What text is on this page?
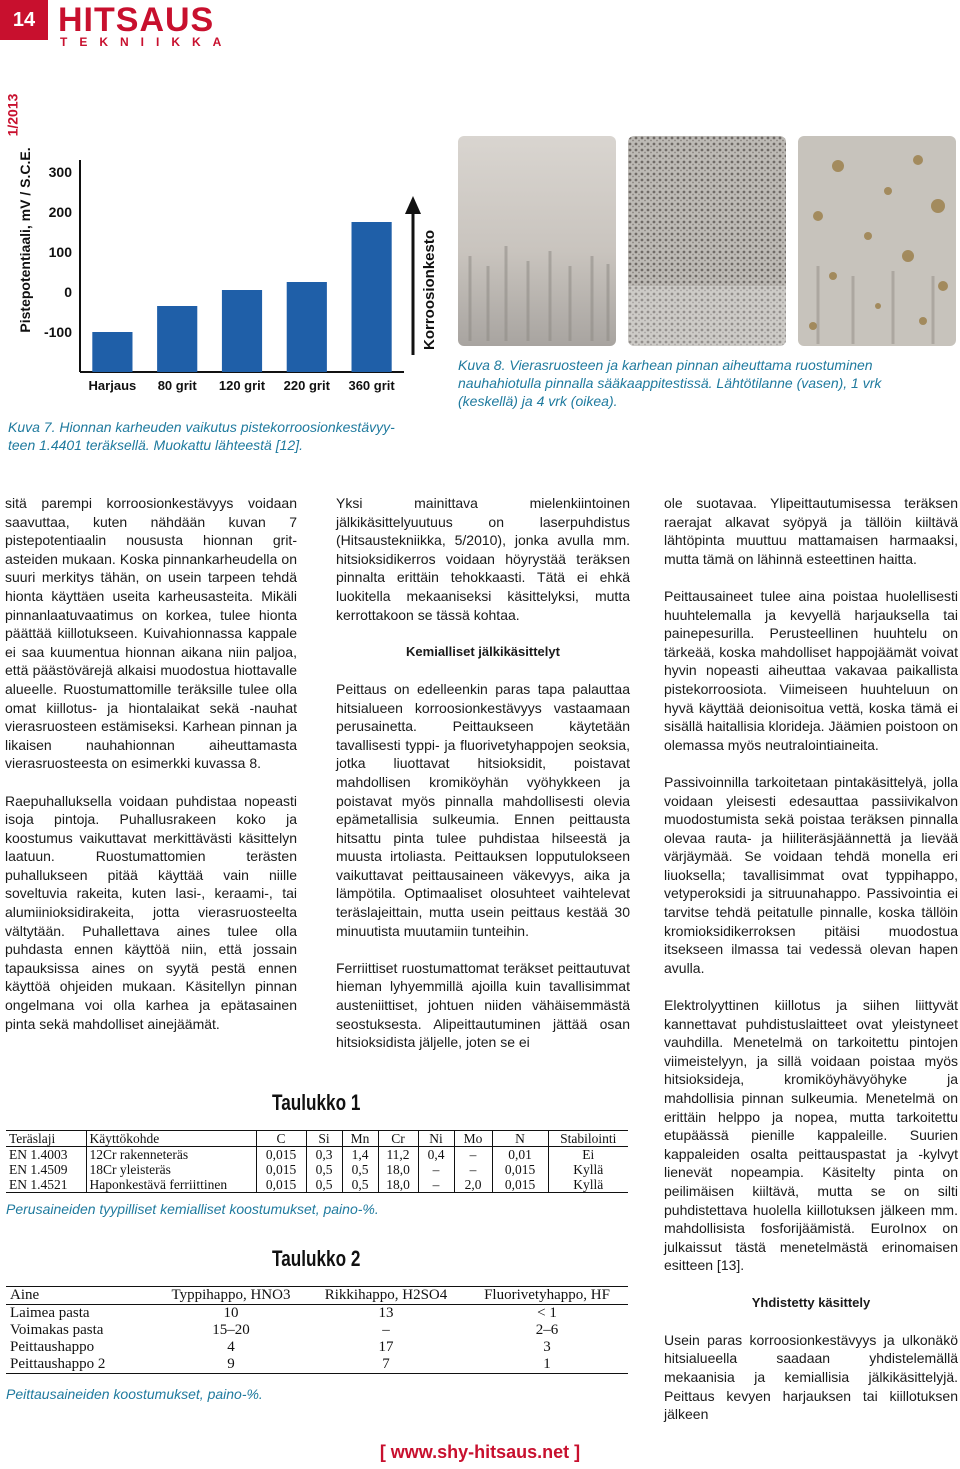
14 HITSAUS
TEKNIIKKA
1/2013
Pistepotentiaali, mV / S.C.E. -100
0
100
200
300
Harjaus 80 grit 120 grit 220 grit 360 grit
Korroosionkesto
Kuva 7. Hionnan karheuden vaikutus pistekorroosionkestävyy-
teen 1.4401 teräksellä. Muokattu lähteestä [12].
Kuva 8. Vierasruosteen ja karhean pinnan aiheuttama ruostuminen
nauhahiotulla pinnalla sääkaappitestissä. Lähtötilanne (vasen), 1 vrk
(keskellä) ja 4 vrk (oikea).

sitä parempi korroosionkestävyys voidaan saavuttaa, kuten nähdään kuvan 7 pistepotentiaalin noususta hionnan grit-asteiden mukaan. Koska pinnankarheudella on suuri merkitys tähän, on usein tarpeen tehdä hionta käyttäen useita karheusasteita. Mikäli pinnanlaatuvaatimus on korkea, tulee hionta päättää kiillotukseen. Kuivahionnassa kappale ei saa kuumentua hionnan aikana niin paljoa, että päästövärejä alkaisi muodostua hiottavalle alueelle. Ruostumattomille teräksille tulee olla omat kiillotus- ja hiontalaikat sekä -nauhat vierasruosteen estämiseksi. Karhean pinnan ja likaisen nauhahionnan aiheuttamasta vierasruosteesta on esimerkki kuvassa 8.

Raepuhalluksella voidaan puhdistaa nopeasti isoja pintoja. Puhallusrakeen koko ja koostumus vaikuttavat merkittävästi käsittelyn laatuun. Ruostumattomien terästen puhallukseen pitää käyttää vain niille soveltuvia rakeita, kuten lasi-, keraami-, tai alumiinioksidirakeita, jotta vierasruosteelta vältytään. Puhallettava aines tulee olla puhdasta ennen käyttöä niin, että jossain tapauksissa aines on syytä pestä ennen käyttöä ohjeiden mukaan. Käsitellyn pinnan ongelmana voi olla karhea ja epätasainen pinta sekä mahdolliset ainejäämät.

Yksi mainittava mielenkiintoinen jälkikäsittelyuutuus on laserpuhdistus (Hitsaustekniikka, 5/2010), jonka avulla mm. hitsioksidikerros voidaan höyrystää teräksen pinnalta erittäin tehokkaasti. Tätä ei ehkä luokitella mekaaniseksi käsittelyksi, mutta kerrottakoon se tässä kohtaa.

Kemialliset jälkikäsittelyt

Peittaus on edelleenkin paras tapa palauttaa hitsialueen korroosionkestävyys vastaamaan perusainetta. Peittaukseen käytetään tavallisesti typpi- ja fluorivetyhappojen seoksia, jotka liuottavat hitsioksidit, poistavat mahdollisen kromiköyhän vyöhykkeen ja poistavat myös pinnalla mahdollisesti olevia epämetallisia sulkeumia. Ennen peittausta hitsattu pinta tulee puhdistaa hilseestä ja muusta irtoliasta. Peittauksen lopputulokseen vaikuttavat peittausaineen väkevyys, aika ja lämpötila. Optimaaliset olosuhteet vaihtelevat teräslajeittain, mutta usein peittaus kestää 30 minuutista muutamiin tunteihin.

Ferriittiset ruostumattomat teräkset peittautuvat hieman lyhyemmillä ajoilla kuin tavallisimmat austeniittiset, johtuen niiden vähäisemmästä seostuksesta. Alipeittautuminen jättää osan hitsioksidista jäljelle, joten se ei

ole suotavaa. Ylipeittautumisessa teräksen raerajat alkavat syöpyä ja tällöin kiiltävä lähtöpinta muuttuu mattamaisen harmaaksi, mutta tämä on lähinnä esteettinen haitta.

Peittausaineet tulee aina poistaa huolellisesti huuhtelemalla ja kevyellä harjauksella tai painepesurilla. Perusteellinen huuhtelu on tärkeää, koska mahdolliset happojäämät voivat hyvin nopeasti aiheuttaa vakavaa paikallista pistekorroosiota. Viimeiseen huuhteluun on hyvä käyttää deionisoitua vettä, koska tämä ei sisällä haitallisia klorideja. Jäämien poistoon on olemassa myös neutralointiaineita.

Passivoinnilla tarkoitetaan pintakäsittelyä, jolla voidaan yleisesti edesauttaa passiivikalvon muodostumista sekä poistaa teräksen pinnalla olevaa rauta- ja hiiliteräsjäännettä ja lievää värjäymää. Se voidaan tehdä monella eri liuoksella; tavallisimmat ovat typpihappo, vetyperoksidi ja sitruunahappo. Passivointia ei tarvitse tehdä peitatulle pinnalle, koska tällöin kromioksidikerroksen pitäisi muodostua itsekseen ilmassa tai vedessä olevan hapen avulla.

Elektrolyyttinen kiillotus ja siihen liittyvät kannettavat puhdistuslaitteet ovat yleistyneet vauhdilla. Menetelmä on tarkoitettu pintojen viimeistelyyn, ja sillä voidaan poistaa myös hitsioksideja, kromiköyhävyöhyke ja mahdollisia pinnan sulkeumia. Menetelmä on erittäin helppo ja nopea, mutta tarkoitettu etupäässä pienille kappaleille. Suurien kappaleiden osalta peittauspastat ja -kylvyt lienevät nopeampia. Käsitelty pinta on peilimäisen kiiltävä, mutta se on silti puhdistettava huolella kiillotuksen jälkeen mm. mahdollisista fosforijäämistä. EuroInox on julkaissut tästä menetelmästä erinomaisen esitteen [13].

Yhdistetty käsittely

Usein paras korroosionkestävyys ja ulkonäkö hitsialueella saadaan yhdistelemällä mekaanisia ja kemiallisia jälkikäsittelyjä. Peittaus kevyen harjauksen tai kiillotuksen jälkeen

Taulukko 1
Teräslaji	Käyttökohde	C	Si	Mn	Cr	Ni	Mo	N	Stabilointi
EN 1.4003	12Cr rakenneteräs	0,015	0,3	1,4	11,2	0,4	–	0,01	Ei
EN 1.4509	18Cr yleisteräs	0,015	0,5	0,5	18,0	–	–	0,015	Kyllä
EN 1.4521	Haponkestävä ferriittinen	0,015	0,5	0,5	18,0	–	2,0	0,015	Kyllä
Perusaineiden tyypilliset kemialliset koostumukset, paino-%.
Taulukko 2
Aine	Typpihappo, HNO3	Rikkihappo, H2SO4	Fluorivetyhappo, HF
Laimea pasta	10	13	< 1
Voimakas pasta	15–20	–	2–6
Peittaushappo	4	17	3
Peittaushappo 2	9	7	1
Peittausaineiden koostumukset, paino-%.
[ www.shy-hitsaus.net ]
